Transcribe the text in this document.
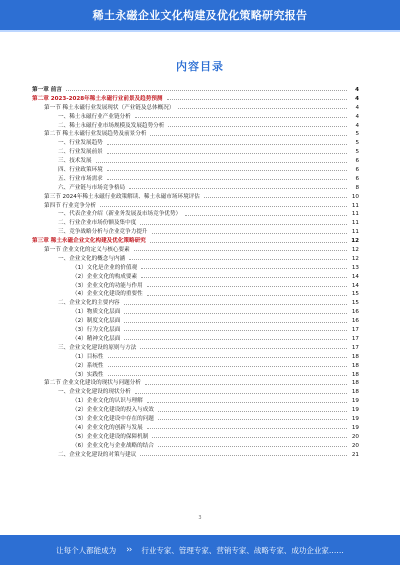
稀土永磁企业文化构建及优化策略研究报告
内容目录
第一章 前言	4
第二章 2023-2028年稀土永磁行业前景及趋势预测	4
第一节 稀土永磁行业发展现状（产业链及总体概况）	4
一、稀土永磁行业产业链分析	4
二、稀土永磁行业市场规模及发展趋势分析	4
第二节 稀土永磁行业发展趋势及前景分析	5
一、行业发展趋势	5
二、行业发展前景	5
三、技术发展	6
四、行业政策环境	6
五、行业市场需求	6
六、产业链与市场竞争格局	8
第三节 2024年稀土永磁行业政策解读、稀土永磁市场环境评估	10
第四节 行业竞争分析	11
一、代表企业介绍（新业务发展及市场竞争优势）	11
二、行业企业市场份额及集中度	11
三、竞争战略分析与企业竞争力提升	11
第三章 稀土永磁企业文化构建及优化策略研究	12
第一节 企业文化的定义与核心要素	12
一、企业文化的概念与内涵	12
（1）文化是企业的价值观	13
（2）企业文化的构成要素	14
（3）企业文化的功能与作用	14
（4）企业文化建设的重要性	15
二、企业文化的主要内容	15
（1）物质文化层面	16
（2）制度文化层面	16
（3）行为文化层面	17
（4）精神文化层面	17
三、企业文化建设的原则与方法	17
（1）目标性	18
（2）系统性	18
（3）实践性	18
第二节 企业文化建设的现状与问题分析	18
一、企业文化建设的现状分析	18
（1）企业文化的认识与理解	19
（2）企业文化建设的投入与成效	19
（3）企业文化建设中存在的问题	19
（4）企业文化的创新与发展	19
（5）企业文化建设的保障机制	20
（6）企业文化与企业战略的结合	20
二、企业文化建设的对策与建议	21
3
让每个人都能成为 ›› 行业专家、管理专家、营销专家、战略专家、成功企业家……
